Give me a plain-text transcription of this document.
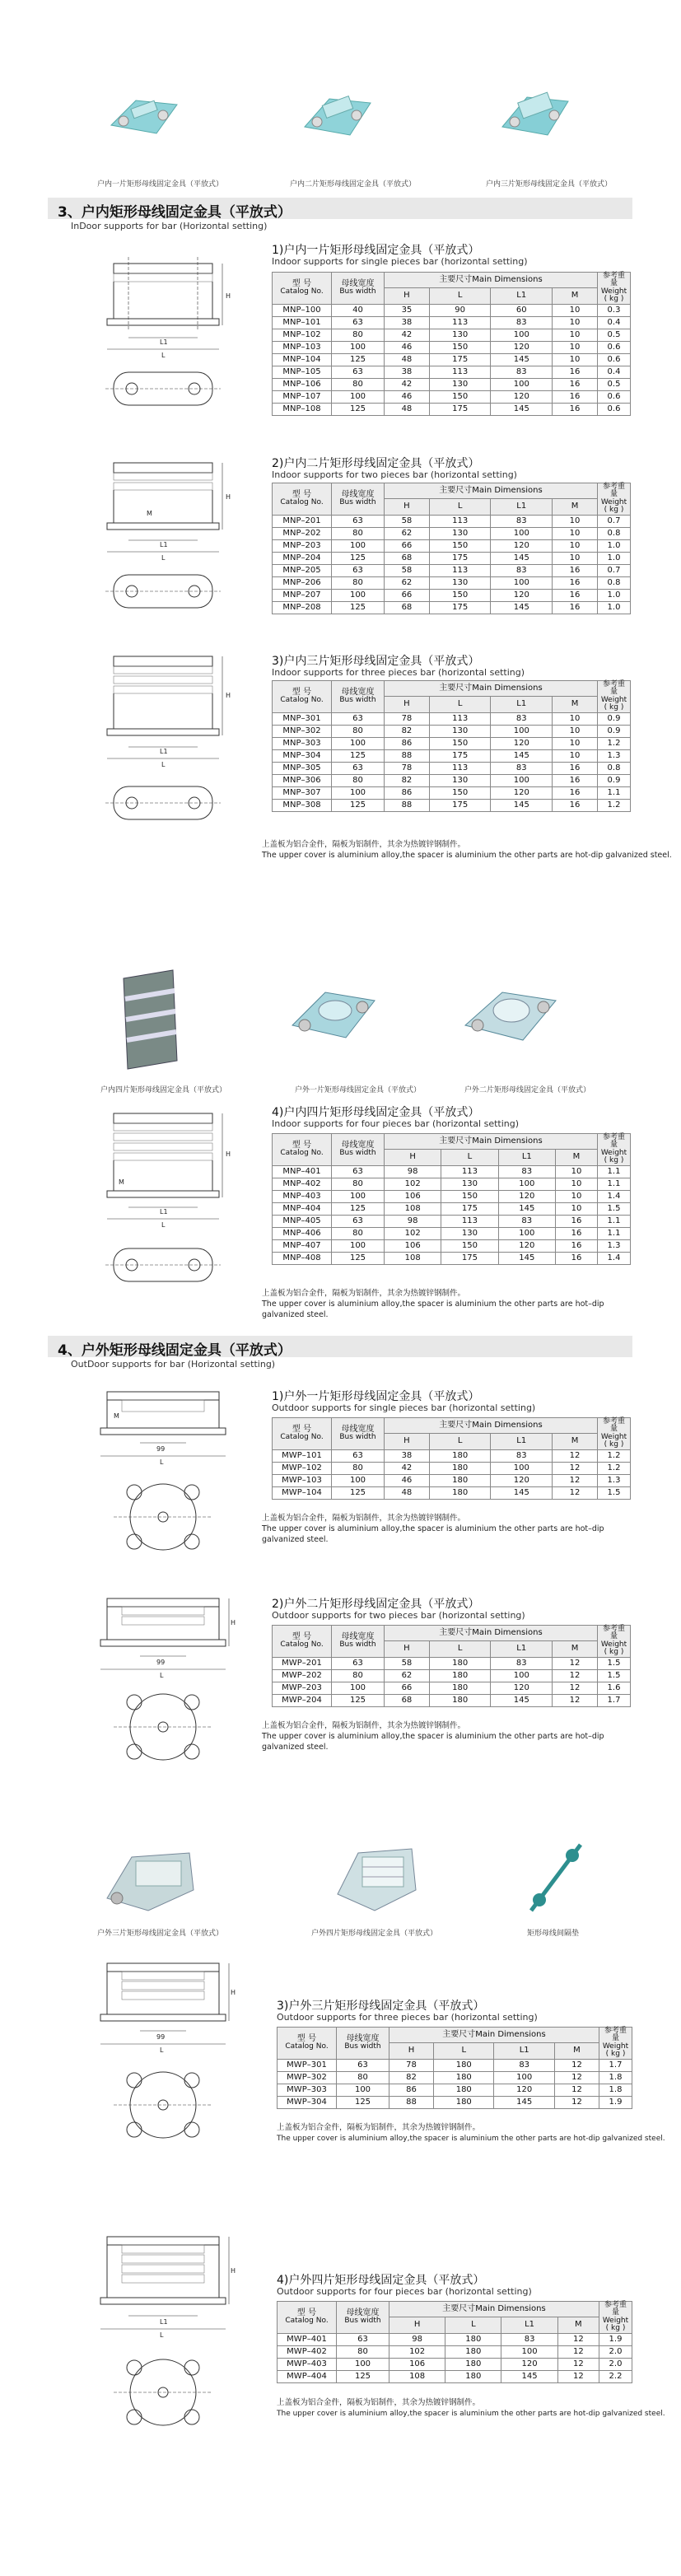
户内一片矩形母线固定金具（平放式）	户内二片矩形母线固定金具（平放式）	户内三片矩形母线固定金具（平放式）
3、户内矩形母线固定金具（平放式）
InDoor supports for bar (Horizontal setting)
H
L1
L
1)户内一片矩形母线固定金具（平放式）
Indoor supports for single pieces bar (horizontal setting)
型 号
Catalog No.	母线宽度
Bus width	主要尺寸Main Dimensions				参考重量
Weight
( kg )

		H	L	L1	M	
MNP–100	40	35	90	60	10	0.3
MNP–101	63	38	113	83	10	0.4
MNP–102	80	42	130	100	10	0.5
MNP–103	100	46	150	120	10	0.6
MNP–104	125	48	175	145	10	0.6
MNP–105	63	38	113	83	16	0.4
MNP–106	80	42	130	100	16	0.5
MNP–107	100	46	150	120	16	0.6
MNP–108	125	48	175	145	16	0.6
H
M
L1
L
2)户内二片矩形母线固定金具（平放式）
Indoor supports for two pieces bar (horizontal setting)
型 号
Catalog No.	母线宽度
Bus width	主要尺寸Main Dimensions				参考重量
Weight
( kg )

		H	L	L1	M	
MNP–201	63	58	113	83	10	0.7
MNP–202	80	62	130	100	10	0.8
MNP–203	100	66	150	120	10	1.0
MNP–204	125	68	175	145	10	1.0
MNP–205	63	58	113	83	16	0.7
MNP–206	80	62	130	100	16	0.8
MNP–207	100	66	150	120	16	1.0
MNP–208	125	68	175	145	16	1.0
H
L1
L
3)户内三片矩形母线固定金具（平放式）
Indoor supports for three pieces bar (horizontal setting)
型 号
Catalog No.	母线宽度
Bus width	主要尺寸Main Dimensions				参考重量
Weight
( kg )

		H	L	L1	M	
MNP–301	63	78	113	83	10	0.9
MNP–302	80	82	130	100	10	0.9
MNP–303	100	86	150	120	10	1.2
MNP–304	125	88	175	145	10	1.3
MNP–305	63	78	113	83	16	0.8
MNP–306	80	82	130	100	16	0.9
MNP–307	100	86	150	120	16	1.1
MNP–308	125	88	175	145	16	1.2
上盖板为铝合金件，隔板为铝制件，其余为热镀锌钢制件。
The upper cover is aluminium alloy,the spacer is aluminium the other parts are hot-dip galvanized steel.
户内四片矩形母线固定金具（平放式）	户外一片矩形母线固定金具（平放式）	户外二片矩形母线固定金具（平放式）
H
M
L1
L
4)户内四片矩形母线固定金具（平放式）
Indoor supports for four pieces bar (horizontal setting)
型 号
Catalog No.	母线宽度
Bus width	主要尺寸Main Dimensions				参考重量
Weight
( kg )

		H	L	L1	M	
MNP–401	63	98	113	83	10	1.1
MNP–402	80	102	130	100	10	1.1
MNP–403	100	106	150	120	10	1.4
MNP–404	125	108	175	145	10	1.5
MNP–405	63	98	113	83	16	1.1
MNP–406	80	102	130	100	16	1.1
MNP–407	100	106	150	120	16	1.3
MNP–408	125	108	175	145	16	1.4
上盖板为铝合金件，隔板为铝制件，其余为热镀锌钢制件。
The upper cover is aluminium alloy,the spacer is aluminium the other parts are hot–dip galvanized steel.
4、户外矩形母线固定金具（平放式）
OutDoor supports for bar (Horizontal setting)
M
99
L
1)户外一片矩形母线固定金具（平放式）
Outdoor supports for single pieces bar (horizontal setting)
型 号
Catalog No.	母线宽度
Bus width	主要尺寸Main Dimensions				参考重量
Weight
( kg )

		H	L	L1	M	
MWP–101	63	38	180	83	12	1.2
MWP–102	80	42	180	100	12	1.2
MWP–103	100	46	180	120	12	1.3
MWP–104	125	48	180	145	12	1.5
上盖板为铝合金件，隔板为铝制件，其余为热镀锌钢制件。
The upper cover is aluminium alloy,the spacer is aluminium the other parts are hot–dip galvanized steel.
H
99
L
2)户外二片矩形母线固定金具（平放式）
Outdoor supports for two pieces bar (horizontal setting)
型 号
Catalog No.	母线宽度
Bus width	主要尺寸Main Dimensions				参考重量
Weight
( kg )

		H	L	L1	M	
MWP–201	63	58	180	83	12	1.5
MWP–202	80	62	180	100	12	1.5
MWP–203	100	66	180	120	12	1.6
MWP–204	125	68	180	145	12	1.7
上盖板为铝合金件，隔板为铝制件，其余为热镀锌钢制件。
The upper cover is aluminium alloy,the spacer is aluminium the other parts are hot–dip galvanized steel.
户外三片矩形母线固定金具（平放式）	户外四片矩形母线固定金具（平放式）	矩形母线间隔垫
H
99
L
3)户外三片矩形母线固定金具（平放式）
Outdoor supports for three pieces bar (horizontal setting)
型 号
Catalog No.	母线宽度
Bus width	主要尺寸Main Dimensions				参考重量
Weight
( kg )

		H	L	L1	M	
MWP–301	63	78	180	83	12	1.7
MWP–302	80	82	180	100	12	1.8
MWP–303	100	86	180	120	12	1.8
MWP–304	125	88	180	145	12	1.9
上盖板为铝合金件，隔板为铝制件，其余为热镀锌钢制件。
The upper cover is aluminium alloy,the spacer is aluminium the other parts are hot-dip galvanized steel.
H
L1
L
4)户外四片矩形母线固定金具（平放式）
Outdoor supports for four pieces bar (horizontal setting)
型 号
Catalog No.	母线宽度
Bus width	主要尺寸Main Dimensions				参考重量
Weight
( kg )

		H	L	L1	M	
MWP–401	63	98	180	83	12	1.9
MWP–402	80	102	180	100	12	2.0
MWP–403	100	106	180	120	12	2.0
MWP–404	125	108	180	145	12	2.2
上盖板为铝合金件，隔板为铝制件，其余为热镀锌钢制件。
The upper cover is aluminium alloy,the spacer is aluminium the other parts are hot-dip galvanized steel.
